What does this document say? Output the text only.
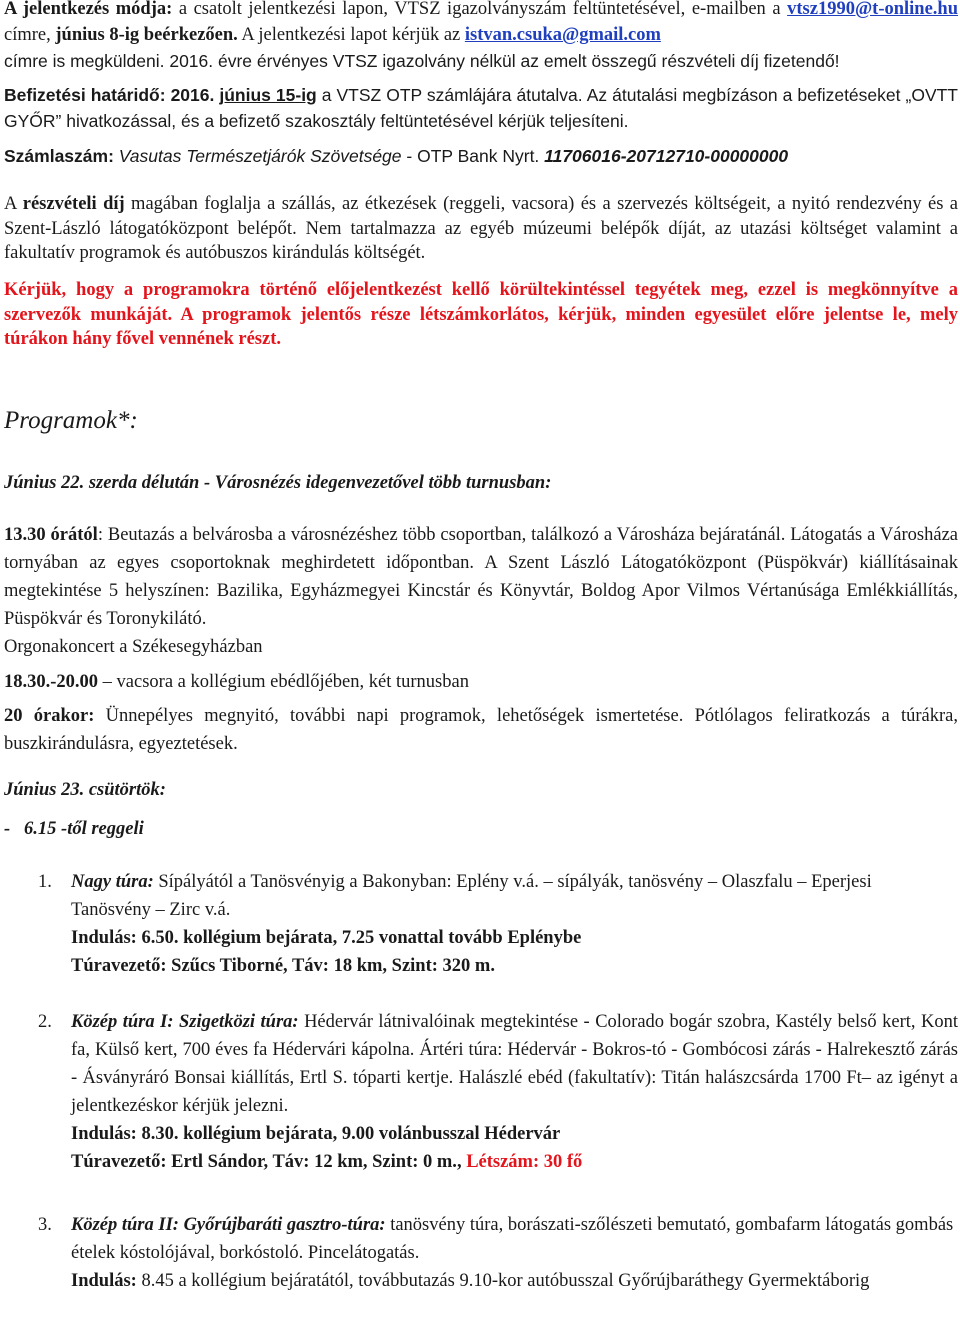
A jelentkezés módja: a csatolt jelentkezési lapon, VTSZ igazolványszám feltüntetésével, e-mailben a vtsz1990@t-online.hu címre, június 8-ig beérkezően. A jelentkezési lapot kérjük az istvan.csuka@gmail.com
címre is megküldeni. 2016. évre érvényes VTSZ igazolvány nélkül az emelt összegű részvételi díj fizetendő!

Befizetési határidő: 2016. június 15-ig a VTSZ OTP számlájára átutalva. Az átutalási megbízáson a befizetéseket „OVTT GYŐR” hivatkozással, és a befizető szakosztály feltüntetésével kérjük teljesíteni.

Számlaszám: Vasutas Természetjárók Szövetsége - OTP Bank Nyrt. 11706016-20712710-00000000

A részvételi díj magában foglalja a szállás, az étkezések (reggeli, vacsora) és a szervezés költségeit, a nyitó rendezvény és a Szent-László látogatóközpont belépőt. Nem tartalmazza az egyéb múzeumi belépők díját, az utazási költséget valamint a fakultatív programok és autóbuszos kirándulás költségét.

Kérjük, hogy a programokra történő előjelentkezést kellő körültekintéssel tegyétek meg, ezzel is megkönnyítve a szervezők munkáját. A programok jelentős része létszámkorlátos, kérjük, minden egyesület előre jelentse le, mely túrákon hány fővel vennének részt.

Programok*:

Június 22. szerda délután - Városnézés idegenvezetővel több turnusban:

13.30 órától: Beutazás a belvárosba a városnézéshez több csoportban, találkozó a Városháza bejáratánál. Látogatás a Városháza tornyában az egyes csoportoknak meghirdetett időpontban. A Szent László Látogatóközpont (Püspökvár) kiállításainak megtekintése 5 helyszínen: Bazilika, Egyházmegyei Kincstár és Könyvtár, Boldog Apor Vilmos Vértanúsága Emlékkiállítás, Püspökvár és Toronykilátó.
Orgonakoncert a Székesegyházban

18.30.-20.00 – vacsora a kollégium ebédlőjében, két turnusban

20 órakor: Ünnepélyes megnyitó, további napi programok, lehetőségek ismertetése. Pótlólagos feliratkozás a túrákra, buszkirándulásra, egyeztetések.

Június 23. csütörtök:

-   6.15 -től reggeli

1. Nagy túra: Sípályától a Tanösvényig a Bakonyban: Eplény v.á. – sípályák, tanösvény – Olaszfalu – Eperjesi Tanösvény – Zirc v.á.

Indulás: 6.50. kollégium bejárata, 7.25 vonattal tovább Eplénybe

Túravezető: Szűcs Tiborné, Táv: 18 km, Szint: 320 m.

2. Közép túra I: Szigetközi túra: Hédervár látnivalóinak megtekintése - Colorado bogár szobra, Kastély belső kert, Kont fa, Külső kert, 700 éves fa Hédervári kápolna. Ártéri túra: Hédervár - Bokros-tó - Gombócosi zárás - Halrekesztő zárás - Ásványráró Bonsai kiállítás, Ertl S. tóparti kertje. Halászlé ebéd (fakultatív): Titán halászcsárda 1700 Ft– az igényt a jelentkezéskor kérjük jelezni.

Indulás: 8.30. kollégium bejárata, 9.00 volánbusszal Hédervár

Túravezető: Ertl Sándor, Táv: 12 km, Szint: 0 m., Létszám: 30 fő

3. Közép túra II: Győrújbaráti gasztro-túra: tanösvény túra, borászati-szőlészeti bemutató, gombafarm látogatás gombás ételek kóstolójával, borkóstoló. Pincelátogatás.

Indulás: 8.45 a kollégium bejáratától, továbbutazás 9.10-kor autóbusszal Győrújbaráthegy Gyermektáborig
